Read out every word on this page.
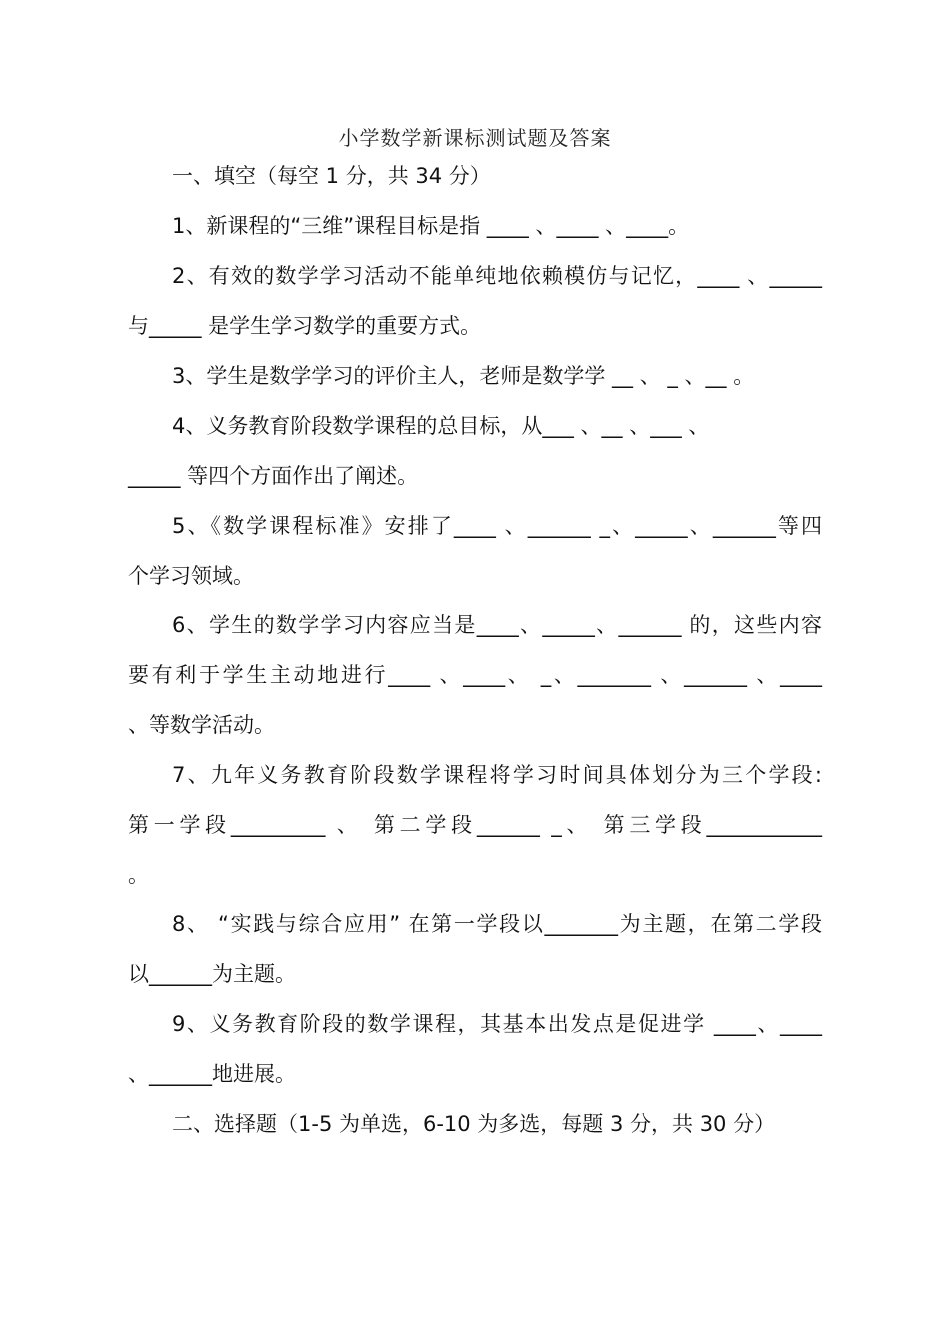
小学数学新课标测试题及答案
一、填空（每空 1 分，共 34 分）
1、新课程的“三维”课程目标是指 ____ 、____ 、____。
2、有效的数学学习活动不能单纯地依赖模仿与记忆，____ 、_____
与_____ 是学生学习数学的重要方式。
3、学生是数学学习的评价主人，老师是数学学 __ 、 _ 、__ 。
4、义务教育阶段数学课程的总目标，从___ 、__ 、___ 、
_____ 等四个方面作出了阐述。
5、《数学课程标准》安排了____ 、______ _、_____、______等四
个学习领域。
6、学生的数学学习内容应当是____、_____、______ 的，这些内容
要有利于学生主动地进行____ 、____、 _、_______ 、______ 、____
、等数学活动。
7、九年义务教育阶段数学课程将学习时间具体划分为三个学段:
第一学段_________ 、 第二学段______ _、 第三学段___________
。
8、 “实践与综合应用” 在第一学段以_______为主题，在第二学段
以______为主题。
9、义务教育阶段的数学课程，其基本出发点是促进学 ____、____
、______地进展。
二、选择题（1-5 为单选，6-10 为多选，每题 3 分，共 30 分）
